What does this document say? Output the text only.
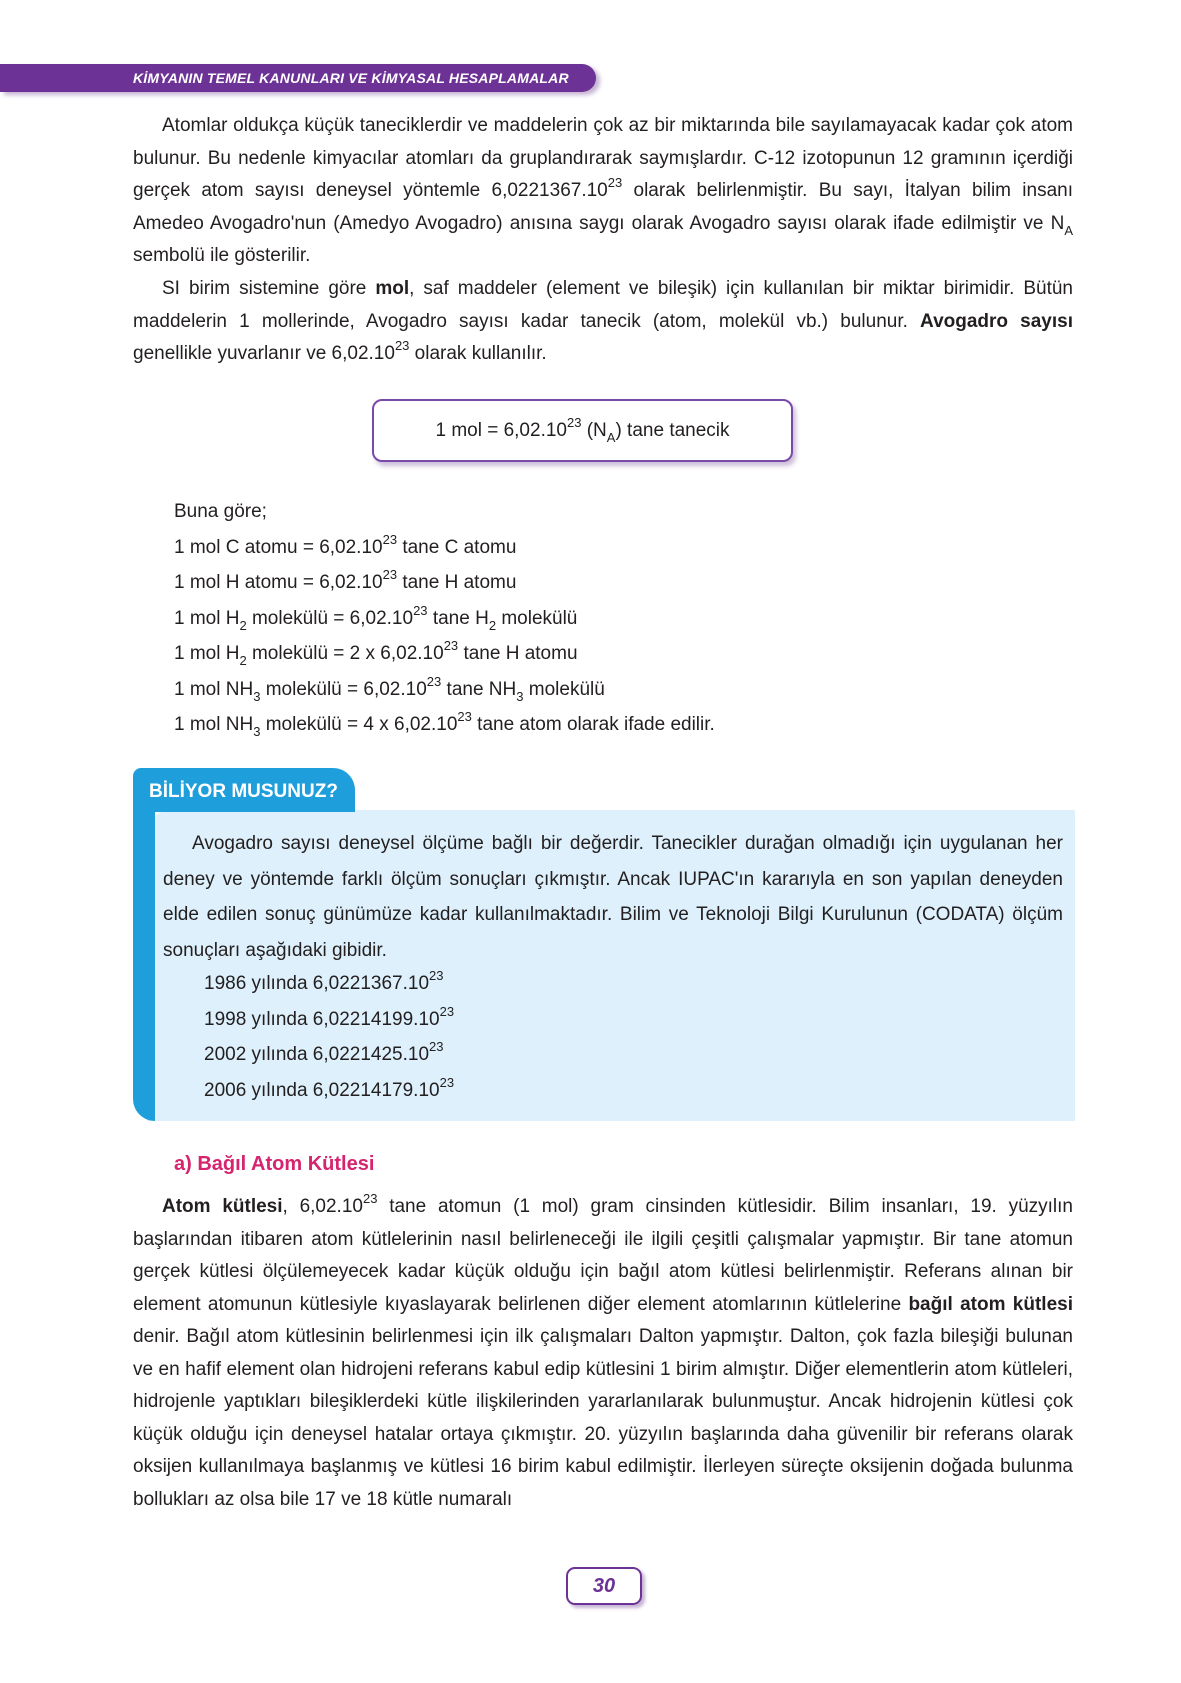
KİMYANIN TEMEL KANUNLARI VE KİMYASAL HESAPLAMALAR

Atomlar oldukça küçük taneciklerdir ve maddelerin çok az bir miktarında bile sayılamayacak kadar çok atom bulunur. Bu nedenle kimyacılar atomları da gruplandırarak saymışlardır. C-12 izotopunun 12 gramının içerdiği gerçek atom sayısı deneysel yöntemle 6,0221367.10$^{23}$ olarak belirlenmiştir. Bu sayı, İtalyan bilim insanı Amedeo Avogadro'nun (Amedyo Avogadro) anısına saygı olarak Avogadro sayısı olarak ifade edilmiştir ve $N_A$ sembolü ile gösterilir.

SI birim sistemine göre mol, saf maddeler (element ve bileşik) için kullanılan bir miktar birimidir. Bütün maddelerin 1 mollerinde, Avogadro sayısı kadar tanecik (atom, molekül vb.) bulunur. Avogadro sayısı genellikle yuvarlanır ve 6,02.10$^{23}$ olarak kullanılır.

1 mol = $6,02.10^{23}$ $(N_A)$ tane tanecik
Buna göre;
1 mol C atomu = $6,02.10^{23}$ tane C atomu
1 mol H atomu = $6,02.10^{23}$ tane H atomu
1 mol $H_2$ molekülü = $6,02.10^{23}$ tane $H_2$ molekülü
1 mol $H_2$ molekülü = 2 x 6,02.10$^{23}$ tane H atomu
1 mol $NH_3$ molekülü = $6,02.10^{23}$ tane $NH_3$ molekülü
1 mol $NH_3$ molekülü = 4 x 6,02.10$^{23}$ tane atom olarak ifade edilir.
BİLİYOR MUSUNUZ?

Avogadro sayısı deneysel ölçüme bağlı bir değerdir. Tanecikler durağan olmadığı için uygulanan her deney ve yöntemde farklı ölçüm sonuçları çıkmıştır. Ancak IUPAC'ın kararıyla en son yapılan deneyden elde edilen sonuç günümüze kadar kullanılmaktadır. Bilim ve Teknoloji Bilgi Kurulunun (CODATA) ölçüm sonuçları aşağıdaki gibidir.

1986 yılında 6,0221367.10$^{23}$
1998 yılında 6,02214199.10$^{23}$
2002 yılında 6,0221425.10$^{23}$
2006 yılında 6,02214179.10$^{23}$
a) Bağıl Atom Kütlesi

Atom kütlesi, 6,02.10$^{23}$ tane atomun (1 mol) gram cinsinden kütlesidir. Bilim insanları, 19. yüzyılın başlarından itibaren atom kütlelerinin nasıl belirleneceği ile ilgili çeşitli çalışmalar yapmıştır. Bir tane atomun gerçek kütlesi ölçülemeyecek kadar küçük olduğu için bağıl atom kütlesi belirlenmiştir. Referans alınan bir element atomunun kütlesiyle kıyaslayarak belirlenen diğer element atomlarının kütlelerine bağıl atom kütlesi denir. Bağıl atom kütlesinin belirlenmesi için ilk çalışmaları Dalton yapmıştır. Dalton, çok fazla bileşiği bulunan ve en hafif element olan hidrojeni referans kabul edip kütlesini 1 birim almıştır. Diğer elementlerin atom kütleleri, hidrojenle yaptıkları bileşiklerdeki kütle ilişkilerinden yararlanılarak bulunmuştur. Ancak hidrojenin kütlesi çok küçük olduğu için deneysel hatalar ortaya çıkmıştır. 20. yüzyılın başlarında daha güvenilir bir referans olarak oksijen kullanılmaya başlanmış ve kütlesi 16 birim kabul edilmiştir. İlerleyen süreçte oksijenin doğada bulunma bollukları az olsa bile 17 ve 18 kütle numaralı

30
